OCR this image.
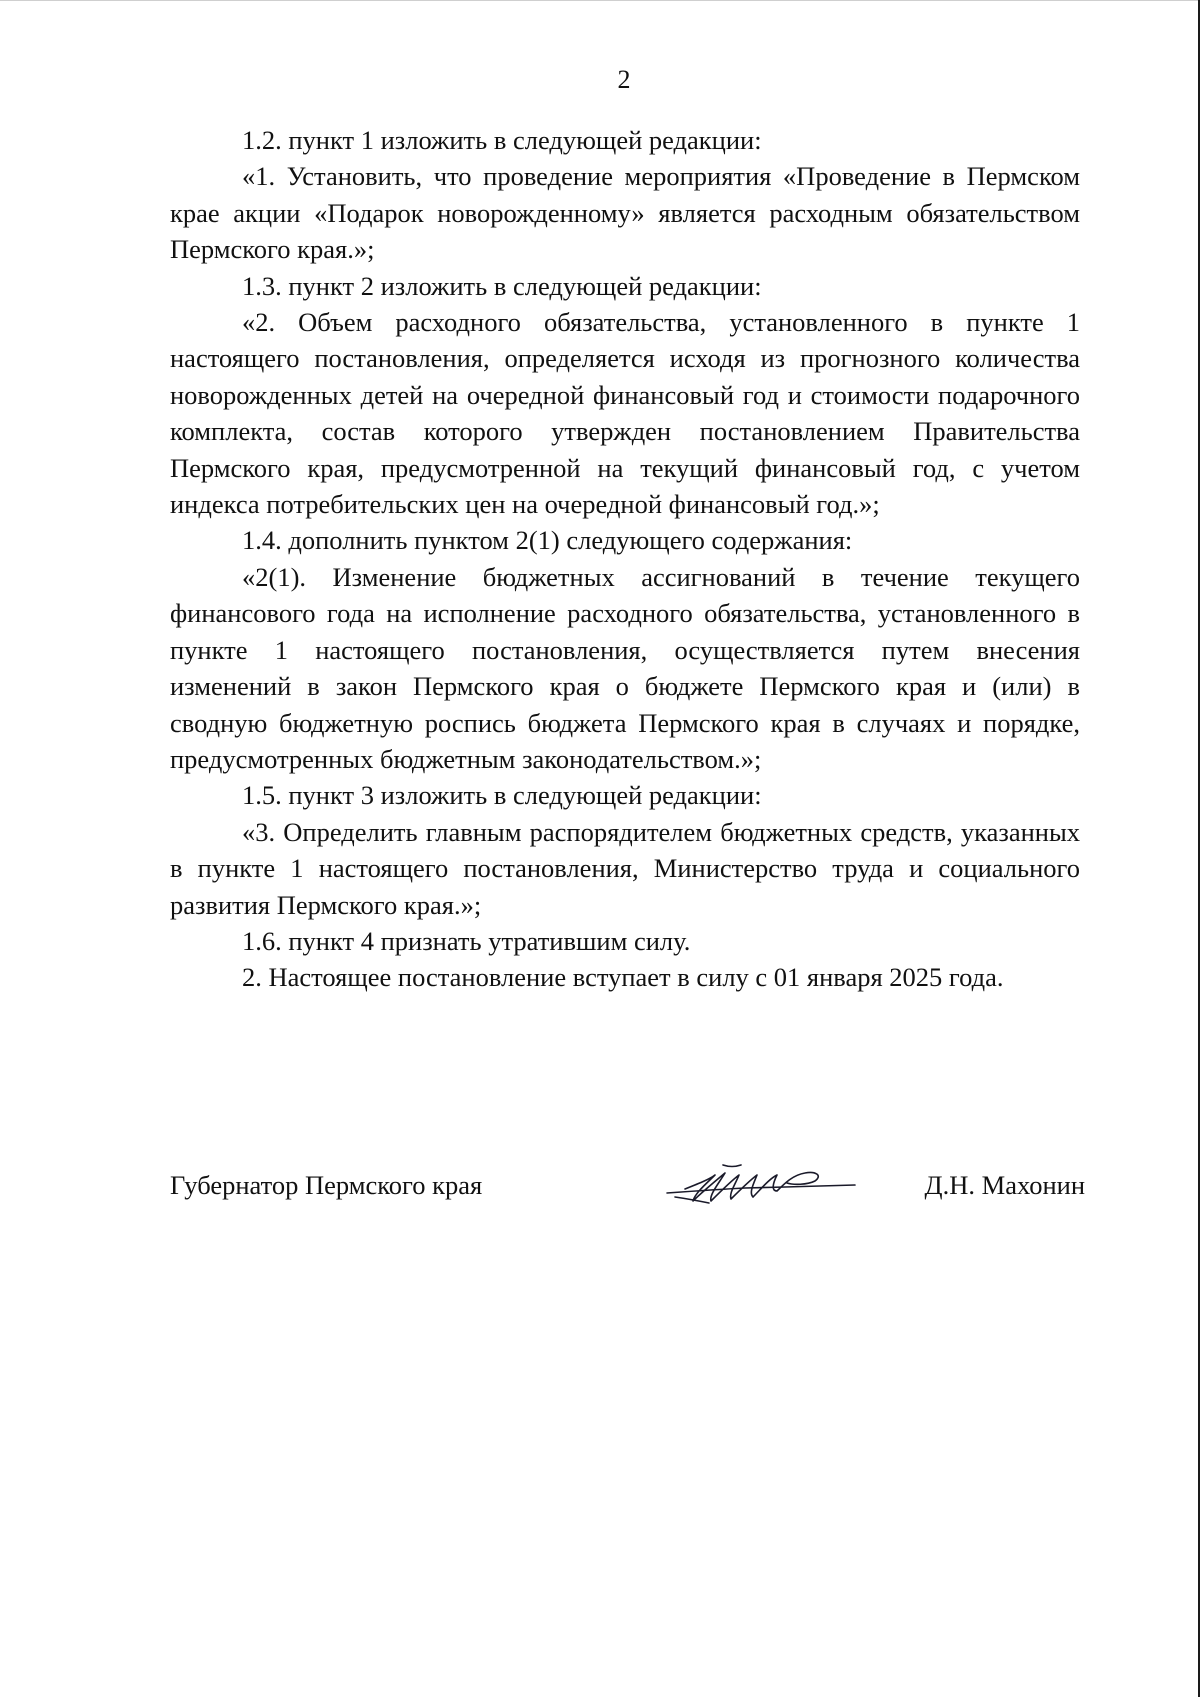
2

1.2. пункт 1 изложить в следующей редакции:

«1. Установить, что проведение мероприятия «Проведение в Пермском крае акции «Подарок новорожденному» является расходным обязательством Пермского края.»;

1.3. пункт 2 изложить в следующей редакции:

«2. Объем расходного обязательства, установленного в пункте 1 настоящего постановления, определяется исходя из прогнозного количества новорожденных детей на очередной финансовый год и стоимости подарочного комплекта, состав которого утвержден постановлением Правительства Пермского края, предусмотренной на текущий финансовый год, с учетом индекса потребительских цен на очередной финансовый год.»;

1.4. дополнить пунктом 2(1) следующего содержания:

«2(1). Изменение бюджетных ассигнований в течение текущего финансового года на исполнение расходного обязательства, установленного в пункте 1 настоящего постановления, осуществляется путем внесения изменений в закон Пермского края о бюджете Пермского края и (или) в сводную бюджетную роспись бюджета Пермского края в случаях и порядке, предусмотренных бюджетным законодательством.»;

1.5. пункт 3 изложить в следующей редакции:

«3. Определить главным распорядителем бюджетных средств, указанных в пункте 1 настоящего постановления, Министерство труда и социального развития Пермского края.»;

1.6. пункт 4 признать утратившим силу.

2. Настоящее постановление вступает в силу с 01 января 2025 года.

Губернатор Пермского края	Д.Н. Махонин
